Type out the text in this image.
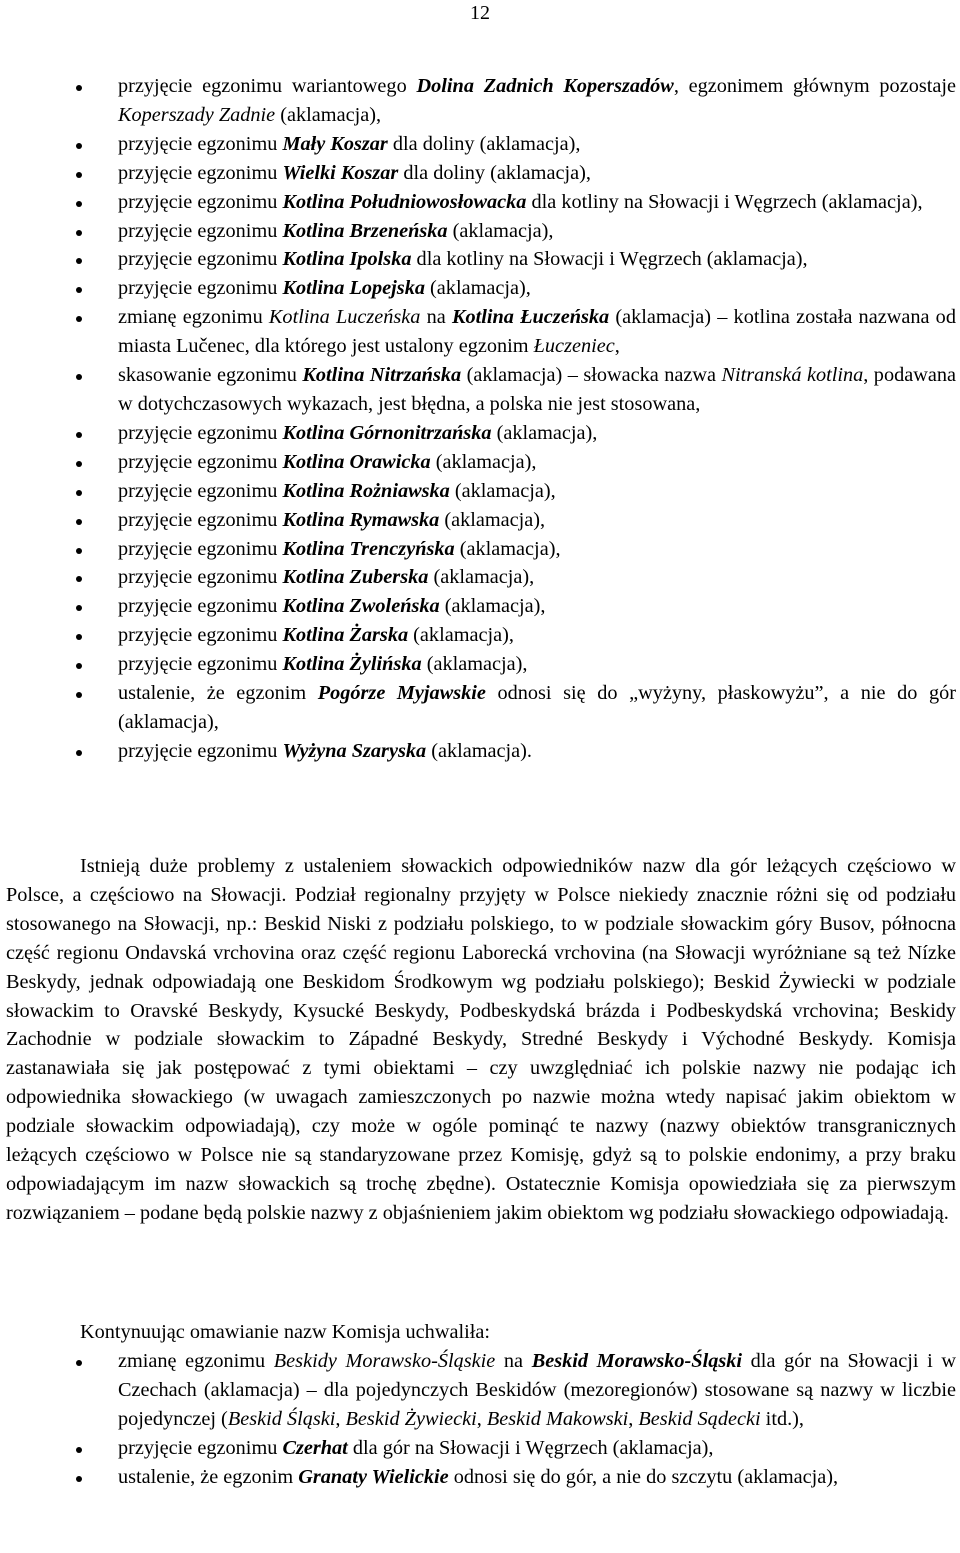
12
przyjęcie egzonimu wariantowego Dolina Zadnich Koperszadów, egzonimem głównym pozostaje Koperszady Zadnie (aklamacja),
przyjęcie egzonimu Mały Koszar dla doliny (aklamacja),
przyjęcie egzonimu Wielki Koszar dla doliny (aklamacja),
przyjęcie egzonimu Kotlina Południowosłowacka dla kotliny na Słowacji i Węgrzech (aklamacja),
przyjęcie egzonimu Kotlina Brzeneńska (aklamacja),
przyjęcie egzonimu Kotlina Ipolska dla kotliny na Słowacji i Węgrzech (aklamacja),
przyjęcie egzonimu Kotlina Lopejska (aklamacja),
zmianę egzonimu Kotlina Luczeńska na Kotlina Łuczeńska (aklamacja) – kotlina została nazwana od miasta Lučenec, dla którego jest ustalony egzonim Łuczeniec,
skasowanie egzonimu Kotlina Nitrzańska (aklamacja) – słowacka nazwa Nitranská kotlina, podawana w dotychczasowych wykazach, jest błędna, a polska nie jest stosowana,
przyjęcie egzonimu Kotlina Górnonitrzańska (aklamacja),
przyjęcie egzonimu Kotlina Orawicka (aklamacja),
przyjęcie egzonimu Kotlina Rożniawska (aklamacja),
przyjęcie egzonimu Kotlina Rymawska (aklamacja),
przyjęcie egzonimu Kotlina Trenczyńska (aklamacja),
przyjęcie egzonimu Kotlina Zuberska (aklamacja),
przyjęcie egzonimu Kotlina Zwoleńska (aklamacja),
przyjęcie egzonimu Kotlina Żarska (aklamacja),
przyjęcie egzonimu Kotlina Żylińska (aklamacja),
ustalenie, że egzonim Pogórze Myjawskie odnosi się do „wyżyny, płaskowyżu”, a nie do gór (aklamacja),
przyjęcie egzonimu Wyżyna Szaryska (aklamacja).
Istnieją duże problemy z ustaleniem słowackich odpowiedników nazw dla gór leżących częściowo w Polsce, a częściowo na Słowacji. Podział regionalny przyjęty w Polsce niekiedy znacznie różni się od podziału stosowanego na Słowacji, np.: Beskid Niski z podziału polskiego, to w podziale słowackim góry Busov, północna część regionu Ondavská vrchovina oraz część regionu Laborecká vrchovina (na Słowacji wyróżniane są też Nízke Beskydy, jednak odpowiadają one Beskidom Środkowym wg podziału polskiego); Beskid Żywiecki w podziale słowackim to Oravské Beskydy, Kysucké Beskydy, Podbeskydská brázda i Podbeskydská vrchovina; Beskidy Zachodnie w podziale słowackim to Západné Beskydy, Stredné Beskydy i Východné Beskydy. Komisja zastanawiała się jak postępować z tymi obiektami – czy uwzględniać ich polskie nazwy nie podając ich odpowiednika słowackiego (w uwagach zamieszczonych po nazwie można wtedy napisać jakim obiektom w podziale słowackim odpowiadają), czy może w ogóle pominąć te nazwy (nazwy obiektów transgranicznych leżących częściowo w Polsce nie są standaryzowane przez Komisję, gdyż są to polskie endonimy, a przy braku odpowiadającym im nazw słowackich są trochę zbędne). Ostatecznie Komisja opowiedziała się za pierwszym rozwiązaniem – podane będą polskie nazwy z objaśnieniem jakim obiektom wg podziału słowackiego odpowiadają.
Kontynuując omawianie nazw Komisja uchwaliła:
zmianę egzonimu Beskidy Morawsko-Śląskie na Beskid Morawsko-Śląski dla gór na Słowacji i w Czechach (aklamacja) – dla pojedynczych Beskidów (mezoregionów) stosowane są nazwy w liczbie pojedynczej (Beskid Śląski, Beskid Żywiecki, Beskid Makowski, Beskid Sądecki itd.),
przyjęcie egzonimu Czerhat dla gór na Słowacji i Węgrzech (aklamacja),
ustalenie, że egzonim Granaty Wielickie odnosi się do gór, a nie do szczytu (aklamacja),
